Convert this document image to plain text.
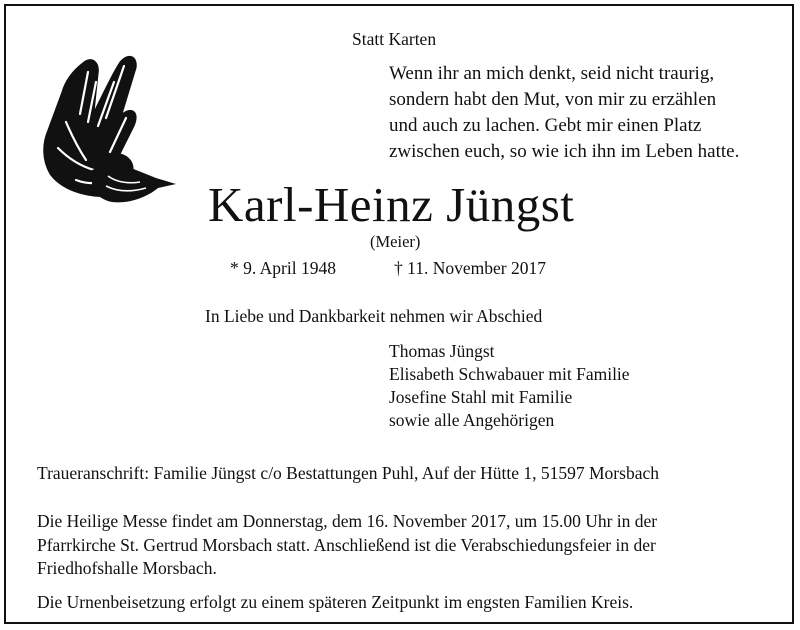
Statt Karten
Wenn ihr an mich denkt, seid nicht traurig,
sondern habt den Mut, von mir zu erzählen
und auch zu lachen. Gebt mir einen Platz
zwischen euch, so wie ich ihn im Leben hatte.
Karl-Heinz Jüngst
(Meier)
* 9. April 1948	† 11. November 2017
In Liebe und Dankbarkeit nehmen wir Abschied
Thomas Jüngst
Elisabeth Schwabauer mit Familie
Josefine Stahl mit Familie
sowie alle Angehörigen
Traueranschrift: Familie Jüngst c/o Bestattungen Puhl, Auf der Hütte 1, 51597 Morsbach
Die Heilige Messe findet am Donnerstag, dem 16. November 2017, um 15.00 Uhr in der
Pfarrkirche St. Gertrud Morsbach statt. Anschließend ist die Verabschiedungsfeier in der
Friedhofshalle Morsbach.
Die Urnenbeisetzung erfolgt zu einem späteren Zeitpunkt im engsten Familien Kreis.
